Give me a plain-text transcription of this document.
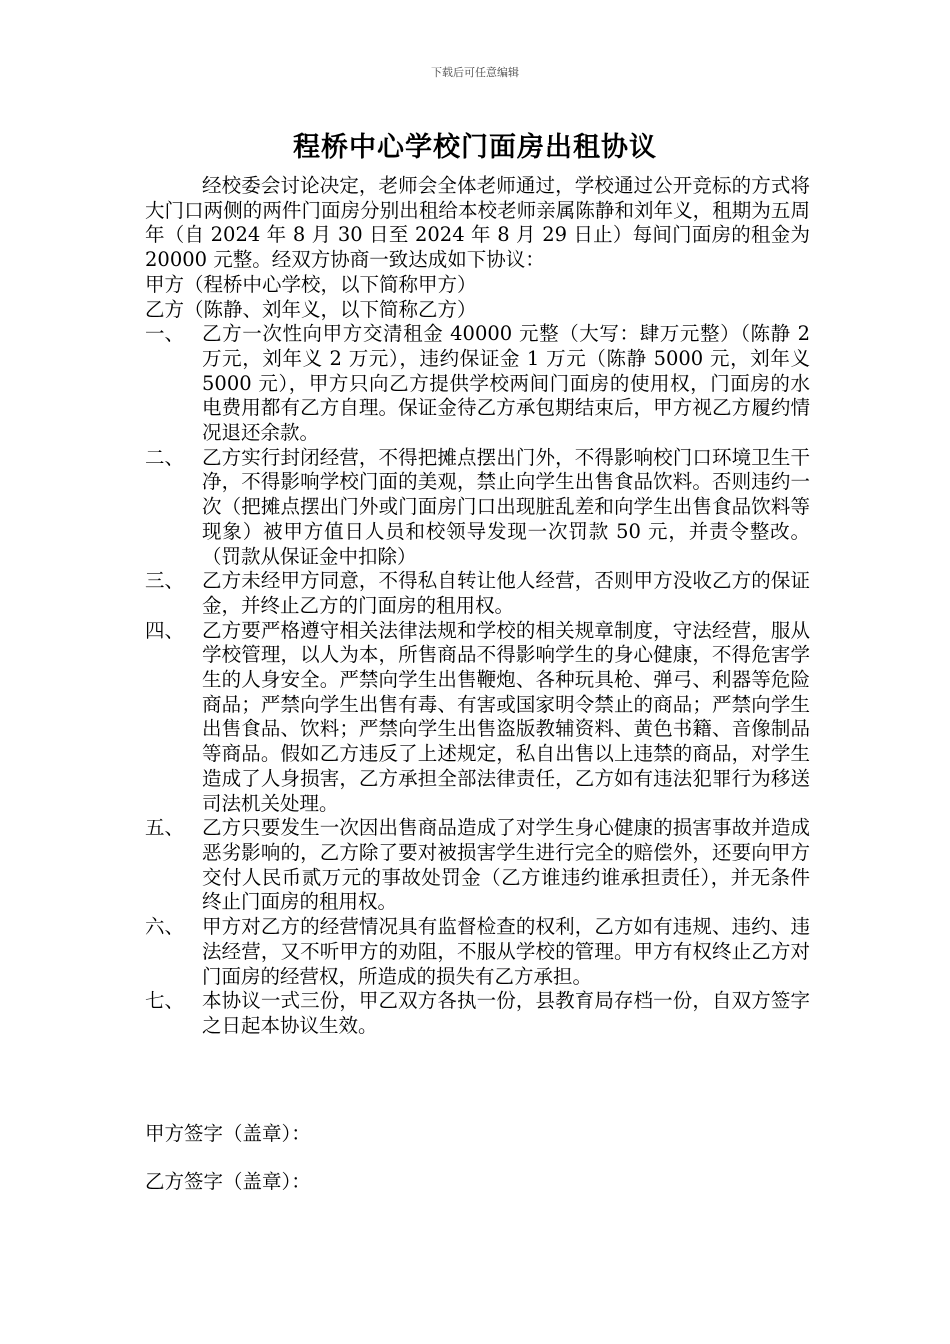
下载后可任意编辑
程桥中心学校门面房出租协议

经校委会讨论决定，老师会全体老师通过，学校通过公开竞标的方式将大门口两侧的两件门面房分别出租给本校老师亲属陈静和刘年义，租期为五周年（自 2024 年 8 月 30 日至 2024 年 8 月 29 日止）每间门面房的租金为 20000 元整。经双方协商一致达成如下协议：

甲方（程桥中心学校，以下简称甲方）

乙方（陈静、刘年义，以下简称乙方）

一、 乙方一次性向甲方交清租金 40000 元整（大写：肆万元整）（陈静 2 万元，刘年义 2 万元），违约保证金 1 万元（陈静 5000 元，刘年义 5000 元），甲方只向乙方提供学校两间门面房的使用权，门面房的水电费用都有乙方自理。保证金待乙方承包期结束后，甲方视乙方履约情况退还余款。
二、 乙方实行封闭经营，不得把摊点摆出门外，不得影响校门口环境卫生干净，不得影响学校门面的美观，禁止向学生出售食品饮料。否则违约一次（把摊点摆出门外或门面房门口出现脏乱差和向学生出售食品饮料等现象）被甲方值日人员和校领导发现一次罚款 50 元，并责令整改。（罚款从保证金中扣除）
三、 乙方未经甲方同意，不得私自转让他人经营，否则甲方没收乙方的保证金，并终止乙方的门面房的租用权。
四、 乙方要严格遵守相关法律法规和学校的相关规章制度，守法经营，服从学校管理，以人为本，所售商品不得影响学生的身心健康，不得危害学生的人身安全。严禁向学生出售鞭炮、各种玩具枪、弹弓、利器等危险商品；严禁向学生出售有毒、有害或国家明令禁止的商品；严禁向学生出售食品、饮料；严禁向学生出售盗版教辅资料、黄色书籍、音像制品等商品。假如乙方违反了上述规定，私自出售以上违禁的商品，对学生造成了人身损害，乙方承担全部法律责任，乙方如有违法犯罪行为移送司法机关处理。
五、 乙方只要发生一次因出售商品造成了对学生身心健康的损害事故并造成恶劣影响的，乙方除了要对被损害学生进行完全的赔偿外，还要向甲方交付人民币贰万元的事故处罚金（乙方谁违约谁承担责任），并无条件终止门面房的租用权。
六、 甲方对乙方的经营情况具有监督检查的权利，乙方如有违规、违约、违法经营，又不听甲方的劝阻，不服从学校的管理。甲方有权终止乙方对门面房的经营权，所造成的损失有乙方承担。
七、 本协议一式三份，甲乙双方各执一份，县教育局存档一份，自双方签字之日起本协议生效。
甲方签字（盖章）：
乙方签字（盖章）：
